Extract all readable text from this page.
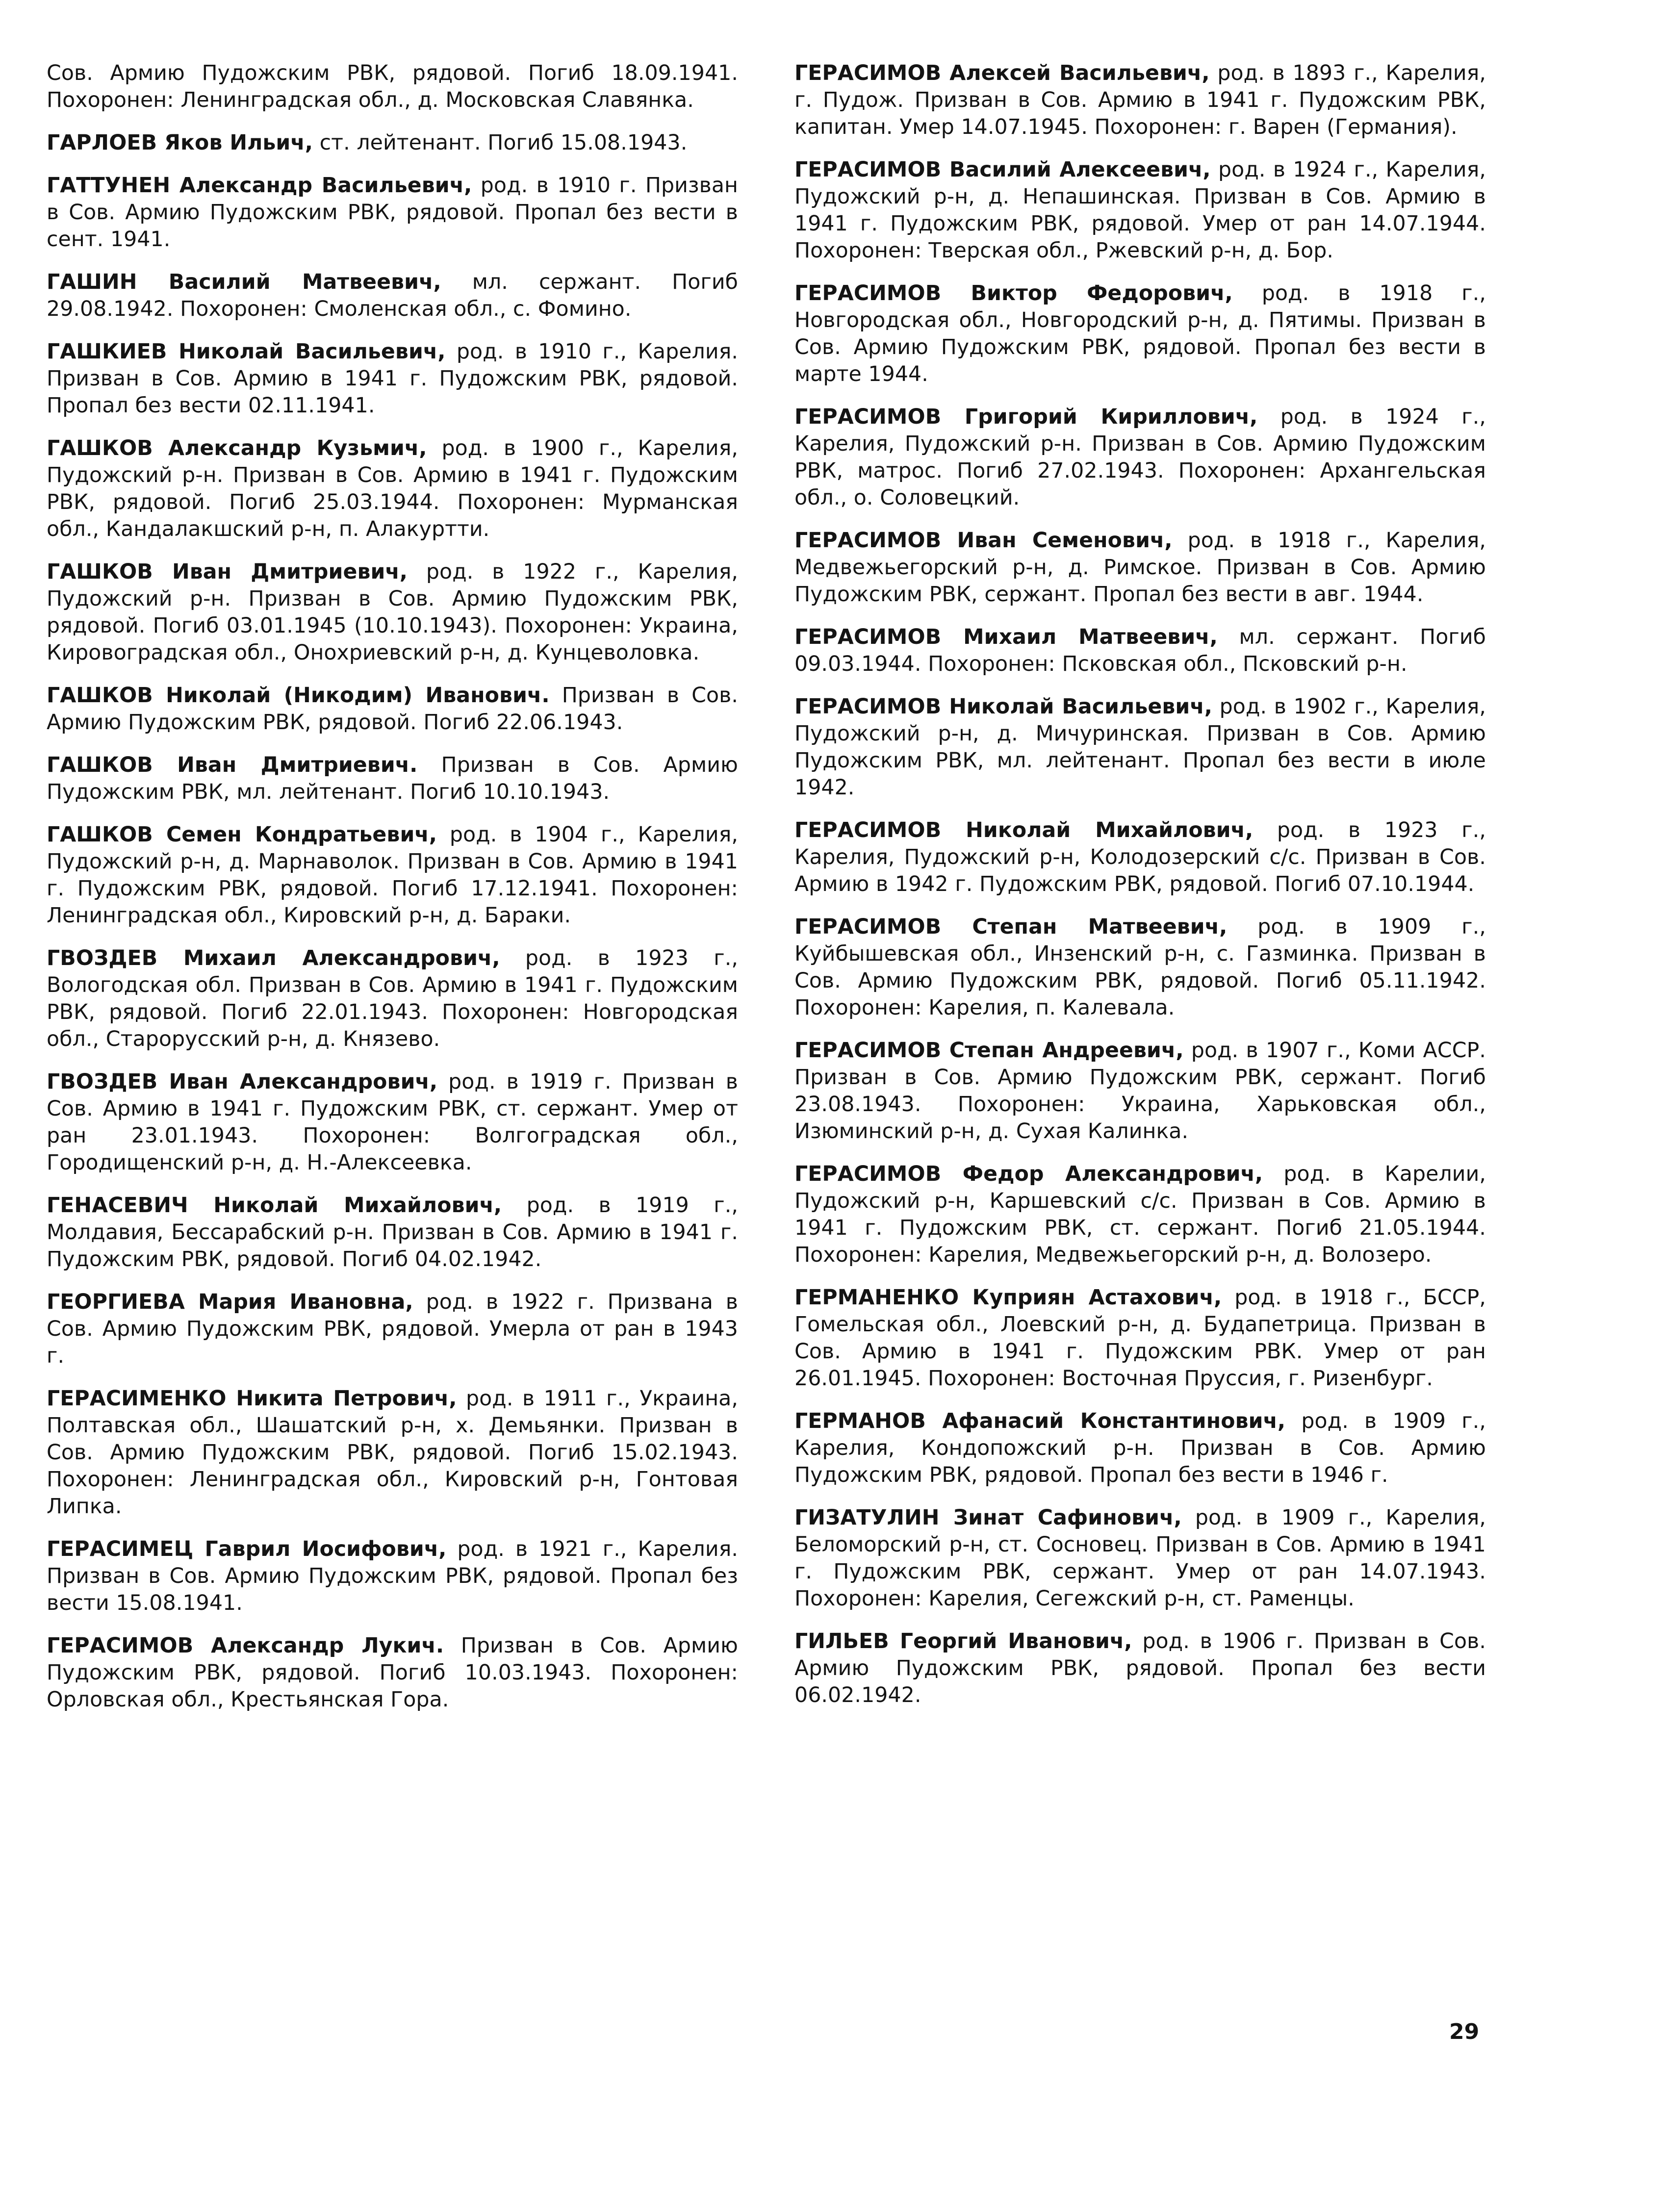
Сов. Армию Пудожским РВК, рядовой. Погиб 18.09.1941. Похоронен: Ленинградская обл., д. Московская Славянка.

ГАРЛОЕВ Яков Ильич, ст. лейтенант. Погиб 15.08.1943.

ГАТТУНЕН Александр Васильевич, род. в 1910 г. Призван в Сов. Армию Пудожским РВК, рядовой. Пропал без вести в сент. 1941.

ГАШИН Василий Матвеевич, мл. сержант. Погиб 29.08.1942. Похоронен: Смоленская обл., с. Фомино.

ГАШКИЕВ Николай Васильевич, род. в 1910 г., Карелия. Призван в Сов. Армию в 1941 г. Пудожским РВК, рядовой. Пропал без вести 02.11.1941.

ГАШКОВ Александр Кузьмич, род. в 1900 г., Карелия, Пудожский р-н. Призван в Сов. Армию в 1941 г. Пудожским РВК, рядовой. Погиб 25.03.1944. Похоронен: Мурманская обл., Кандалакшский р-н, п. Алакуртти.

ГАШКОВ Иван Дмитриевич, род. в 1922 г., Карелия, Пудожский р-н. Призван в Сов. Армию Пудожским РВК, рядовой. Погиб 03.01.1945 (10.10.1943). Похоронен: Украина, Кировоградская обл., Онохриевский р-н, д. Кунцеволовка.

ГАШКОВ Николай (Никодим) Иванович. Призван в Сов. Армию Пудожским РВК, рядовой. Погиб 22.06.1943.

ГАШКОВ Иван Дмитриевич. Призван в Сов. Армию Пудожским РВК, мл. лейтенант. Погиб 10.10.1943.

ГАШКОВ Семен Кондратьевич, род. в 1904 г., Карелия, Пудожский р-н, д. Марнаволок. Призван в Сов. Армию в 1941 г. Пудожским РВК, рядовой. Погиб 17.12.1941. Похоронен: Ленинградская обл., Кировский р-н, д. Бараки.

ГВОЗДЕВ Михаил Александрович, род. в 1923 г., Вологодская обл. Призван в Сов. Армию в 1941 г. Пудожским РВК, рядовой. Погиб 22.01.1943. Похоронен: Новгородская обл., Старорусский р-н, д. Князево.

ГВОЗДЕВ Иван Александрович, род. в 1919 г. Призван в Сов. Армию в 1941 г. Пудожским РВК, ст. сержант. Умер от ран 23.01.1943. Похоронен: Волгоградская обл., Городищенский р-н, д. Н.-Алексеевка.

ГЕНАСЕВИЧ Николай Михайлович, род. в 1919 г., Молдавия, Бессарабский р-н. Призван в Сов. Армию в 1941 г. Пудожским РВК, рядовой. Погиб 04.02.1942.

ГЕОРГИЕВА Мария Ивановна, род. в 1922 г. Призвана в Сов. Армию Пудожским РВК, рядовой. Умерла от ран в 1943 г.

ГЕРАСИМЕНКО Никита Петрович, род. в 1911 г., Украина, Полтавская обл., Шашатский р-н, х. Демьянки. Призван в Сов. Армию Пудожским РВК, рядовой. Погиб 15.02.1943. Похоронен: Ленинградская обл., Кировский р-н, Гонтовая Липка.

ГЕРАСИМЕЦ Гаврил Иосифович, род. в 1921 г., Карелия. Призван в Сов. Армию Пудожским РВК, рядовой. Пропал без вести 15.08.1941.

ГЕРАСИМОВ Александр Лукич. Призван в Сов. Армию Пудожским РВК, рядовой. Погиб 10.03.1943. Похоронен: Орловская обл., Крестьянская Гора.

ГЕРАСИМОВ Алексей Васильевич, род. в 1893 г., Карелия, г. Пудож. Призван в Сов. Армию в 1941 г. Пудожским РВК, капитан. Умер 14.07.1945. Похоронен: г. Варен (Германия).

ГЕРАСИМОВ Василий Алексеевич, род. в 1924 г., Карелия, Пудожский р-н, д. Непашинская. Призван в Сов. Армию в 1941 г. Пудожским РВК, рядовой. Умер от ран 14.07.1944. Похоронен: Тверская обл., Ржевский р-н, д. Бор.

ГЕРАСИМОВ Виктор Федорович, род. в 1918 г., Новгородская обл., Новгородский р-н, д. Пятимы. Призван в Сов. Армию Пудожским РВК, рядовой. Пропал без вести в марте 1944.

ГЕРАСИМОВ Григорий Кириллович, род. в 1924 г., Карелия, Пудожский р-н. Призван в Сов. Армию Пудожским РВК, матрос. Погиб 27.02.1943. Похоронен: Архангельская обл., о. Соловецкий.

ГЕРАСИМОВ Иван Семенович, род. в 1918 г., Карелия, Медвежьегорский р-н, д. Римское. Призван в Сов. Армию Пудожским РВК, сержант. Пропал без вести в авг. 1944.

ГЕРАСИМОВ Михаил Матвеевич, мл. сержант. Погиб 09.03.1944. Похоронен: Псковская обл., Псковский р-н.

ГЕРАСИМОВ Николай Васильевич, род. в 1902 г., Карелия, Пудожский р-н, д. Мичуринская. Призван в Сов. Армию Пудожским РВК, мл. лейтенант. Пропал без вести в июле 1942.

ГЕРАСИМОВ Николай Михайлович, род. в 1923 г., Карелия, Пудожский р-н, Колодозерский с/с. Призван в Сов. Армию в 1942 г. Пудожским РВК, рядовой. Погиб 07.10.1944.

ГЕРАСИМОВ Степан Матвеевич, род. в 1909 г., Куйбышевская обл., Инзенский р-н, с. Газминка. Призван в Сов. Армию Пудожским РВК, рядовой. Погиб 05.11.1942. Похоронен: Карелия, п. Калевала.

ГЕРАСИМОВ Степан Андреевич, род. в 1907 г., Коми АССР. Призван в Сов. Армию Пудожским РВК, сержант. Погиб 23.08.1943. Похоронен: Украина, Харьковская обл., Изюминский р-н, д. Сухая Калинка.

ГЕРАСИМОВ Федор Александрович, род. в Карелии, Пудожский р-н, Каршевский с/с. Призван в Сов. Армию в 1941 г. Пудожским РВК, ст. сержант. Погиб 21.05.1944. Похоронен: Карелия, Медвежьегорский р-н, д. Волозеро.

ГЕРМАНЕНКО Куприян Астахович, род. в 1918 г., БССР, Гомельская обл., Лоевский р-н, д. Будапетрица. Призван в Сов. Армию в 1941 г. Пудожским РВК. Умер от ран 26.01.1945. Похоронен: Восточная Пруссия, г. Ризенбург.

ГЕРМАНОВ Афанасий Константинович, род. в 1909 г., Карелия, Кондопожский р-н. Призван в Сов. Армию Пудожским РВК, рядовой. Пропал без вести в 1946 г.

ГИЗАТУЛИН Зинат Сафинович, род. в 1909 г., Карелия, Беломорский р-н, ст. Сосновец. Призван в Сов. Армию в 1941 г. Пудожским РВК, сержант. Умер от ран 14.07.1943. Похоронен: Карелия, Сегежский р-н, ст. Раменцы.

ГИЛЬЕВ Георгий Иванович, род. в 1906 г. Призван в Сов. Армию Пудожским РВК, рядовой. Пропал без вести 06.02.1942.

29
